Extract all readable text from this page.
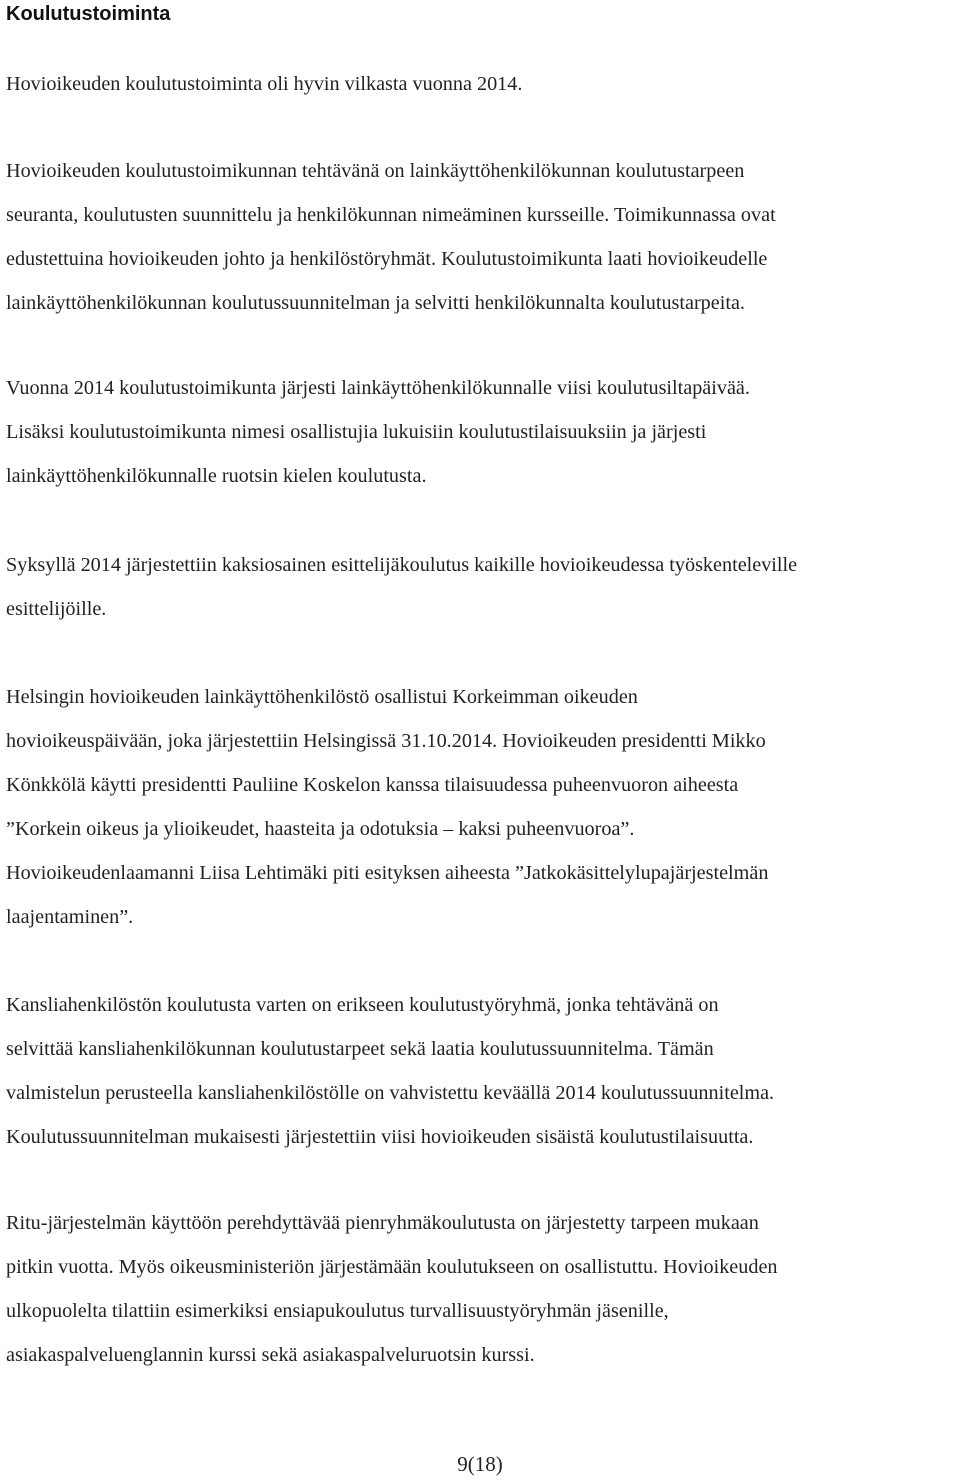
Koulutustoiminta

Hovioikeuden koulutustoiminta oli hyvin vilkasta vuonna 2014.

Hovioikeuden koulutustoimikunnan tehtävänä on lainkäyttöhenkilökunnan koulutustarpeen
seuranta, koulutusten suunnittelu ja henkilökunnan nimeäminen kursseille. Toimikunnassa ovat
edustettuina hovioikeuden johto ja henkilöstöryhmät. Koulutustoimikunta laati hovioikeudelle
lainkäyttöhenkilökunnan koulutussuunnitelman ja selvitti henkilökunnalta koulutustarpeita.

Vuonna 2014 koulutustoimikunta järjesti lainkäyttöhenkilökunnalle viisi koulutusiltapäivää.
Lisäksi koulutustoimikunta nimesi osallistujia lukuisiin koulutustilaisuuksiin ja järjesti
lainkäyttöhenkilökunnalle ruotsin kielen koulutusta.

Syksyllä 2014 järjestettiin kaksiosainen esittelijäkoulutus kaikille hovioikeudessa työskenteleville
esittelijöille.

Helsingin hovioikeuden lainkäyttöhenkilöstö osallistui Korkeimman oikeuden
hovioikeuspäivään, joka järjestettiin Helsingissä 31.10.2014. Hovioikeuden presidentti Mikko
Könkkölä käytti presidentti Pauliine Koskelon kanssa tilaisuudessa puheenvuoron aiheesta
”Korkein oikeus ja ylioikeudet, haasteita ja odotuksia – kaksi puheenvuoroa”.
Hovioikeudenlaamanni Liisa Lehtimäki piti esityksen aiheesta ”Jatkokäsittelylupajärjestelmän
laajentaminen”.

Kansliahenkilöstön koulutusta varten on erikseen koulutustyöryhmä, jonka tehtävänä on
selvittää kansliahenkilökunnan koulutustarpeet sekä laatia koulutussuunnitelma. Tämän
valmistelun perusteella kansliahenkilöstölle on vahvistettu keväällä 2014 koulutussuunnitelma.
Koulutussuunnitelman mukaisesti järjestettiin viisi hovioikeuden sisäistä koulutustilaisuutta.

Ritu-järjestelmän käyttöön perehdyttävää pienryhmäkoulutusta on järjestetty tarpeen mukaan
pitkin vuotta. Myös oikeusministeriön järjestämään koulutukseen on osallistuttu. Hovioikeuden
ulkopuolelta tilattiin esimerkiksi ensiapukoulutus turvallisuustyöryhmän jäsenille,
asiakaspalveluenglannin kurssi sekä asiakaspalveluruotsin kurssi.

9(18)
